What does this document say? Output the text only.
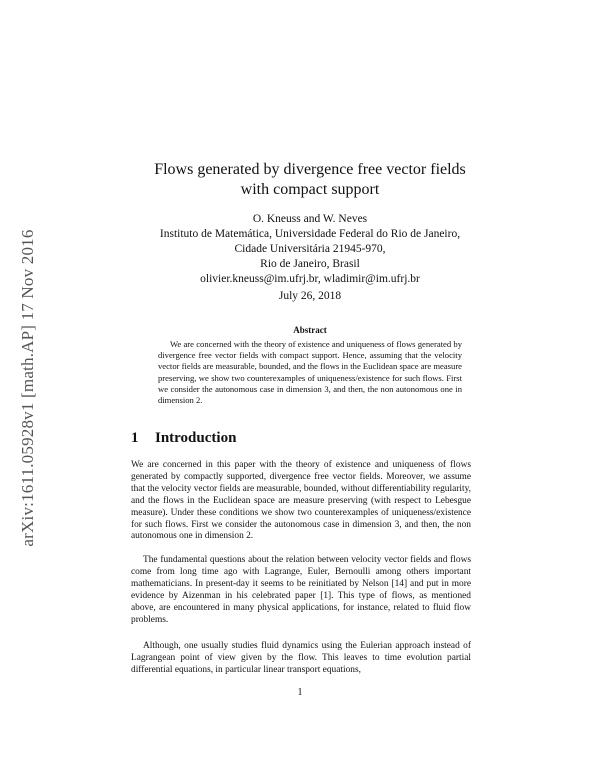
arXiv:1611.05928v1 [math.AP] 17 Nov 2016
Flows generated by divergence free vector fields
with compact support
O. Kneuss and W. Neves
Instituto de Matemática, Universidade Federal do Rio de Janeiro,
Cidade Universitária 21945-970,
Rio de Janeiro, Brasil
olivier.kneuss@im.ufrj.br, wladimir@im.ufrj.br
July 26, 2018
Abstract

We are concerned with the theory of existence and uniqueness of flows generated by divergence free vector fields with compact support. Hence, assuming that the velocity vector fields are measurable, bounded, and the flows in the Euclidean space are measure preserving, we show two counterexamples of uniqueness/existence for such flows. First we consider the autonomous case in dimension 3, and then, the non autonomous one in dimension 2.

1 Introduction

We are concerned in this paper with the theory of existence and uniqueness of flows generated by compactly supported, divergence free vector fields. Moreover, we assume that the velocity vector fields are measurable, bounded, without differentiability regularity, and the flows in the Euclidean space are measure preserving (with respect to Lebesgue measure). Under these conditions we show two counterexamples of uniqueness/existence for such flows. First we consider the autonomous case in dimension 3, and then, the non autonomous one in dimension 2.

The fundamental questions about the relation between velocity vector fields and flows come from long time ago with Lagrange, Euler, Bernoulli among others important mathematicians. In present-day it seems to be reinitiated by Nelson [14] and put in more evidence by Aizenman in his celebrated paper [1]. This type of flows, as mentioned above, are encountered in many physical applications, for instance, related to fluid flow problems.

Although, one usually studies fluid dynamics using the Eulerian approach instead of Lagrangean point of view given by the flow. This leaves to time evolution partial differential equations, in particular linear transport equations,

1
